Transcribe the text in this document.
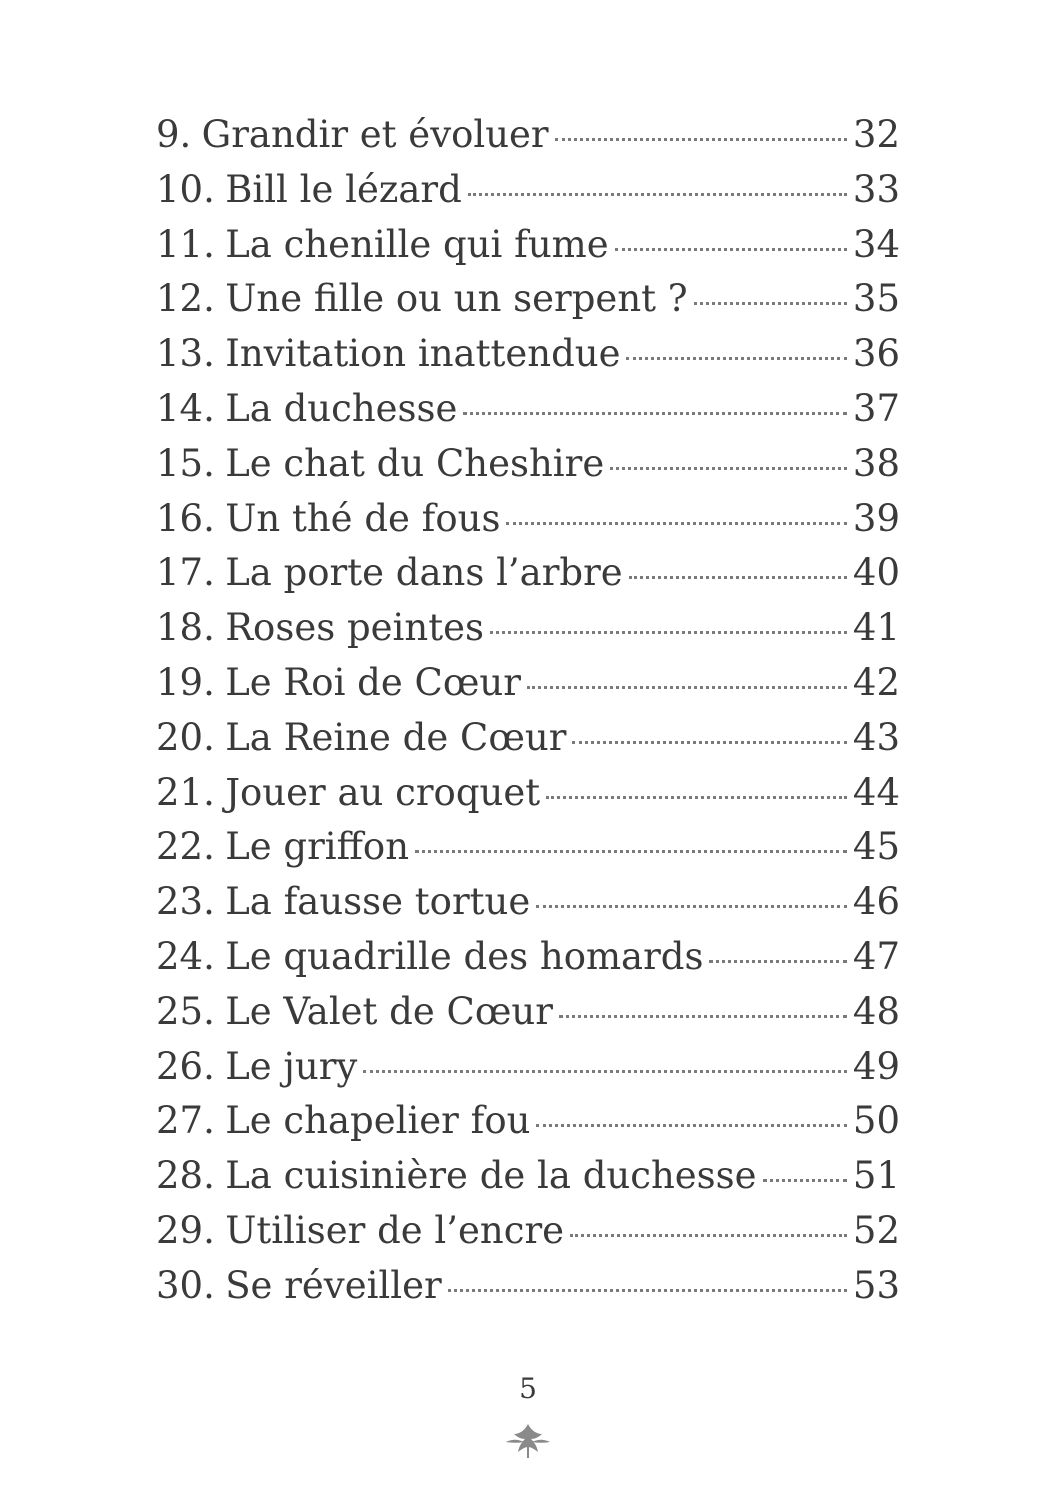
9. Grandir et évoluer	32
10. Bill le lézard	33
11. La chenille qui fume	34
12. Une fille ou un serpent ?	35
13. Invitation inattendue	36
14. La duchesse	37
15. Le chat du Cheshire	38
16. Un thé de fous	39
17. La porte dans l’arbre	40
18. Roses peintes	41
19. Le Roi de Cœur	42
20. La Reine de Cœur	43
21. Jouer au croquet	44
22. Le griffon	45
23. La fausse tortue	46
24. Le quadrille des homards	47
25. Le Valet de Cœur	48
26. Le jury	49
27. Le chapelier fou	50
28. La cuisinière de la duchesse	51
29. Utiliser de l’encre	52
30. Se réveiller	53
5
